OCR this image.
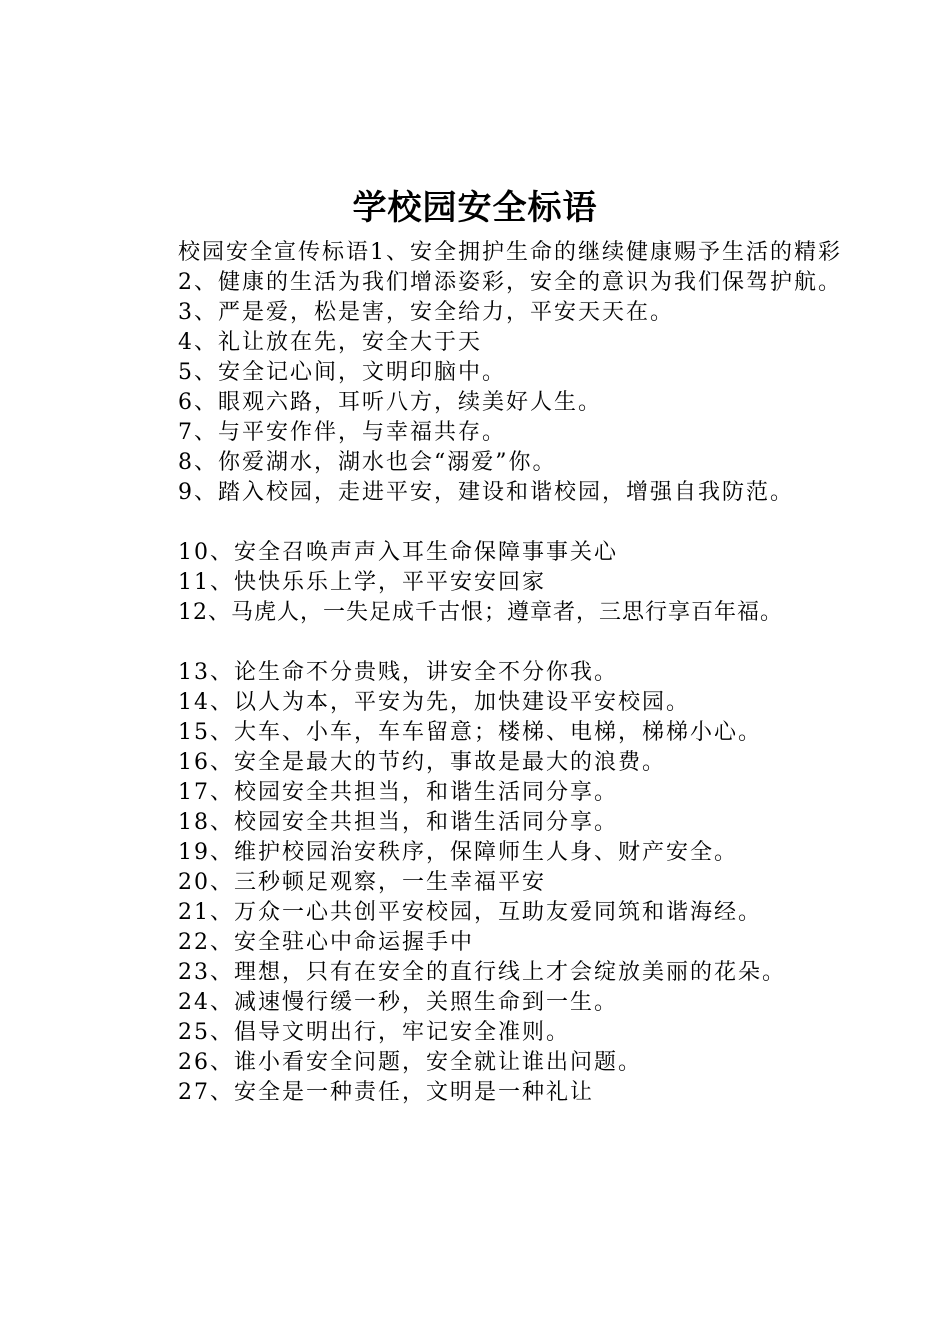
学校园安全标语

校园安全宣传标语1、安全拥护生命的继续健康赐予生活的精彩

2、健康的生活为我们增添姿彩，安全的意识为我们保驾护航。

3、严是爱，松是害，安全给力，平安天天在。

4、礼让放在先，安全大于天

5、安全记心间，文明印脑中。

6、眼观六路，耳听八方，续美好人生。

7、与平安作伴，与幸福共存。

8、你爱湖水，湖水也会“溺爱”你。

9、踏入校园，走进平安，建设和谐校园，增强自我防范。

10、安全召唤声声入耳生命保障事事关心

11、快快乐乐上学，平平安安回家

12、马虎人，一失足成千古恨；遵章者，三思行享百年福。

13、论生命不分贵贱，讲安全不分你我。

14、以人为本，平安为先，加快建设平安校园。

15、大车、小车，车车留意；楼梯、电梯，梯梯小心。

16、安全是最大的节约，事故是最大的浪费。

17、校园安全共担当，和谐生活同分享。

18、校园安全共担当，和谐生活同分享。

19、维护校园治安秩序，保障师生人身、财产安全。

20、三秒顿足观察，一生幸福平安

21、万众一心共创平安校园，互助友爱同筑和谐海经。

22、安全驻心中命运握手中

23、理想，只有在安全的直行线上才会绽放美丽的花朵。

24、减速慢行缓一秒，关照生命到一生。

25、倡导文明出行，牢记安全准则。

26、谁小看安全问题，安全就让谁出问题。

27、安全是一种责任，文明是一种礼让
